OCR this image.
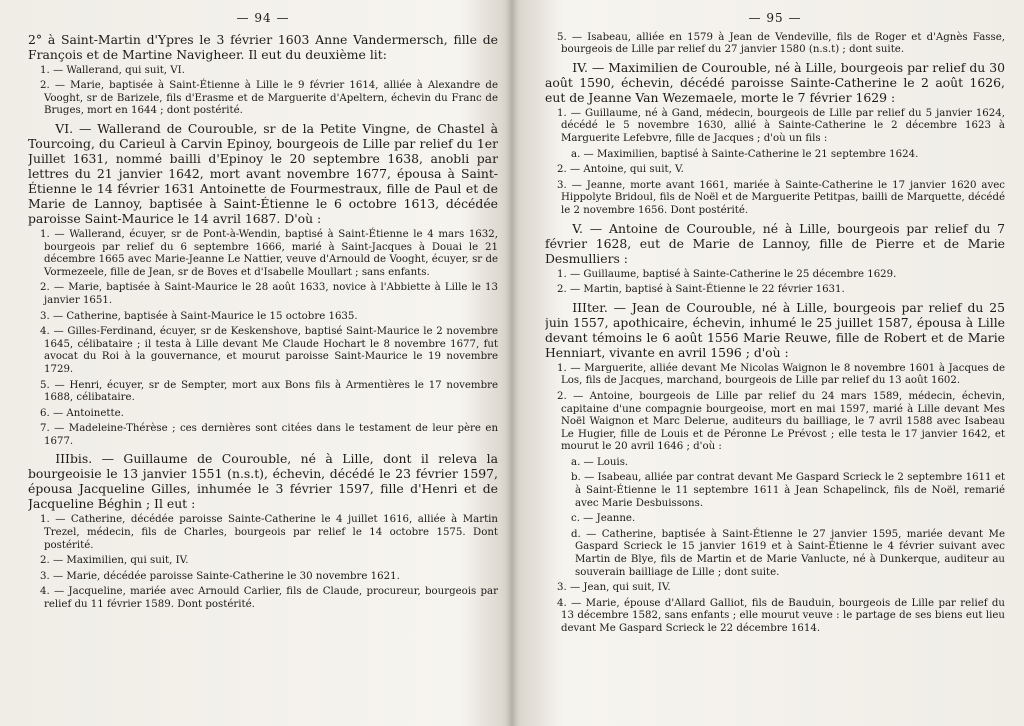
— 94 —

2° à Saint-Martin d'Ypres le 3 février 1603 Anne Vandermersch, fille de François et de Martine Navigheer. Il eut du deuxième lit:

1. — Wallerand, qui suit, VI.

2. — Marie, baptisée à Saint-Étienne à Lille le 9 février 1614, alliée à Alexandre de Vooght, sr de Barizele, fils d'Erasme et de Marguerite d'Apeltern, échevin du Franc de Bruges, mort en 1644 ; dont postérité.

VI. — Wallerand de Courouble, sr de la Petite Vingne, de Chastel à Tourcoing, du Carieul à Carvin Epinoy, bourgeois de Lille par relief du 1er Juillet 1631, nommé bailli d'Epinoy le 20 septembre 1638, anobli par lettres du 21 janvier 1642, mort avant novembre 1677, épousa à Saint-Étienne le 14 février 1631 Antoinette de Fourmestraux, fille de Paul et de Marie de Lannoy, baptisée à Saint-Étienne le 6 octobre 1613, décédée paroisse Saint-Maurice le 14 avril 1687. D'où :

1. — Wallerand, écuyer, sr de Pont-à-Wendin, baptisé à Saint-Étienne le 4 mars 1632, bourgeois par relief du 6 septembre 1666, marié à Saint-Jacques à Douai le 21 décembre 1665 avec Marie-Jeanne Le Nattier, veuve d'Arnould de Vooght, écuyer, sr de Vormezeele, fille de Jean, sr de Boves et d'Isabelle Moullart ; sans enfants.

2. — Marie, baptisée à Saint-Maurice le 28 août 1633, novice à l'Abbiette à Lille le 13 janvier 1651.

3. — Catherine, baptisée à Saint-Maurice le 15 octobre 1635.

4. — Gilles-Ferdinand, écuyer, sr de Keskenshove, baptisé Saint-Maurice le 2 novembre 1645, célibataire ; il testa à Lille devant Me Claude Hochart le 8 novembre 1677, fut avocat du Roi à la gouvernance, et mourut paroisse Saint-Maurice le 19 novembre 1729.

5. — Henri, écuyer, sr de Sempter, mort aux Bons fils à Armentières le 17 novembre 1688, célibataire.

6. — Antoinette.

7. — Madeleine-Thérèse ; ces dernières sont citées dans le testament de leur père en 1677.

IIIbis. — Guillaume de Courouble, né à Lille, dont il releva la bourgeoisie le 13 janvier 1551 (n.s.t), échevin, décédé le 23 février 1597, épousa Jacqueline Gilles, inhumée le 3 février 1597, fille d'Henri et de Jacqueline Béghin ; Il eut :

1. — Catherine, décédée paroisse Sainte-Catherine le 4 juillet 1616, alliée à Martin Trezel, médecin, fils de Charles, bourgeois par relief le 14 octobre 1575. Dont postérité.

2. — Maximilien, qui suit, IV.

3. — Marie, décédée paroisse Sainte-Catherine le 30 novembre 1621.

4. — Jacqueline, mariée avec Arnould Carlier, fils de Claude, procureur, bourgeois par relief du 11 février 1589. Dont postérité.

— 95 —

5. — Isabeau, alliée en 1579 à Jean de Vendeville, fils de Roger et d'Agnès Fasse, bourgeois de Lille par relief du 27 janvier 1580 (n.s.t) ; dont suite.

IV. — Maximilien de Courouble, né à Lille, bourgeois par relief du 30 août 1590, échevin, décédé paroisse Sainte-Catherine le 2 août 1626, eut de Jeanne Van Wezemaele, morte le 7 février 1629 :

1. — Guillaume, né à Gand, médecin, bourgeois de Lille par relief du 5 janvier 1624, décédé le 5 novembre 1630, allié à Sainte-Catherine le 2 décembre 1623 à Marguerite Lefebvre, fille de Jacques ; d'où un fils :

a. — Maximilien, baptisé à Sainte-Catherine le 21 septembre 1624.

2. — Antoine, qui suit, V.

3. — Jeanne, morte avant 1661, mariée à Sainte-Catherine le 17 janvier 1620 avec Hippolyte Bridoul, fils de Noël et de Marguerite Petitpas, bailli de Marquette, décédé le 2 novembre 1656. Dont postérité.

V. — Antoine de Courouble, né à Lille, bourgeois par relief du 7 février 1628, eut de Marie de Lannoy, fille de Pierre et de Marie Desmulliers :

1. — Guillaume, baptisé à Sainte-Catherine le 25 décembre 1629.

2. — Martin, baptisé à Saint-Étienne le 22 février 1631.

IIIter. — Jean de Courouble, né à Lille, bourgeois par relief du 25 juin 1557, apothicaire, échevin, inhumé le 25 juillet 1587, épousa à Lille devant témoins le 6 août 1556 Marie Reuwe, fille de Robert et de Marie Henniart, vivante en avril 1596 ; d'où :

1. — Marguerite, alliée devant Me Nicolas Waignon le 8 novembre 1601 à Jacques de Los, fils de Jacques, marchand, bourgeois de Lille par relief du 13 août 1602.

2. — Antoine, bourgeois de Lille par relief du 24 mars 1589, médecin, échevin, capitaine d'une compagnie bourgeoise, mort en mai 1597, marié à Lille devant Mes Noël Waignon et Marc Delerue, auditeurs du bailliage, le 7 avril 1588 avec Isabeau Le Hugier, fille de Louis et de Péronne Le Prévost ; elle testa le 17 janvier 1642, et mourut le 20 avril 1646 ; d'où :

a. — Louis.

b. — Isabeau, alliée par contrat devant Me Gaspard Scrieck le 2 septembre 1611 et à Saint-Étienne le 11 septembre 1611 à Jean Schapelinck, fils de Noël, remarié avec Marie Desbuissons.

c. — Jeanne.

d. — Catherine, baptisée à Saint-Étienne le 27 janvier 1595, mariée devant Me Gaspard Scrieck le 15 janvier 1619 et à Saint-Étienne le 4 février suivant avec Martin de Blye, fils de Martin et de Marie Vanlucte, né à Dunkerque, auditeur au souverain bailliage de Lille ; dont suite.

3. — Jean, qui suit, IV.

4. — Marie, épouse d'Allard Galliot, fils de Bauduin, bourgeois de Lille par relief du 13 décembre 1582, sans enfants ; elle mourut veuve : le partage de ses biens eut lieu devant Me Gaspard Scrieck le 22 décembre 1614.
